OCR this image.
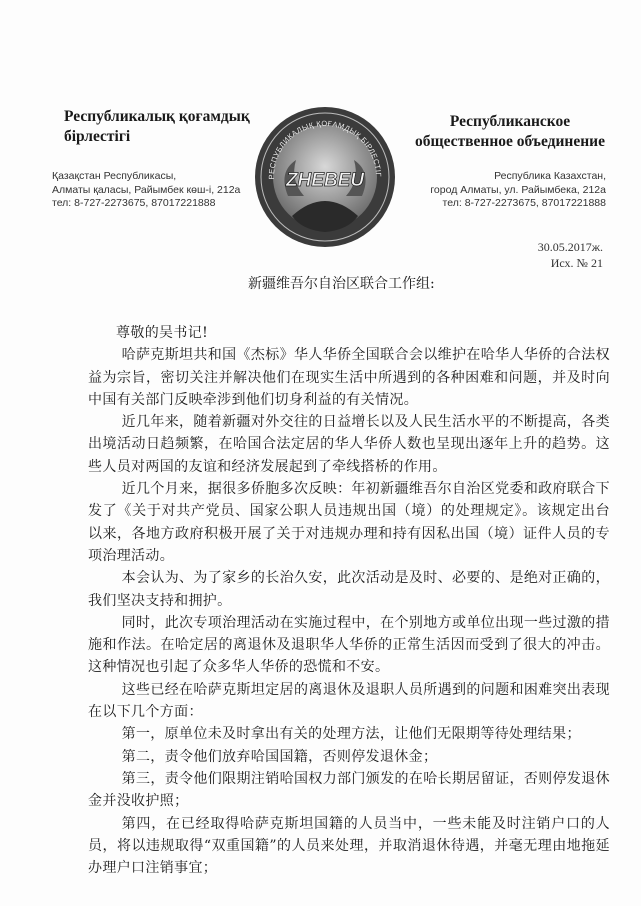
Республикалық қоғамдық бірлестігі
Қазақстан Республикасы,
Алматы қаласы, Райымбек көш-і, 212а
тел: 8-727-2273675, 87017221888
РЕСПУБЛИКАЛЫҚ ҚОҒАМДЫҚ БІРЛЕСТІГ
ZHEBEU
Республиканское общественное объединение
Республика Казахстан,
город Алматы, ул. Райымбека, 212а
тел: 8-727-2273675, 87017221888
30.05.2017ж.
Исх. № 21
新疆维吾尔自治区联合工作组:

尊敬的吴书记!

哈萨克斯坦共和国《杰标》华人华侨全国联合会以维护在哈华人华侨的合法权益为宗旨，密切关注并解决他们在现实生活中所遇到的各种困难和问题，并及时向中国有关部门反映牵涉到他们切身利益的有关情况。

近几年来，随着新疆对外交往的日益增长以及人民生活水平的不断提高，各类出境活动日趋频繁，在哈国合法定居的华人华侨人数也呈现出逐年上升的趋势。这些人员对两国的友谊和经济发展起到了牵线搭桥的作用。

近几个月来，据很多侨胞多次反映：年初新疆维吾尔自治区党委和政府联合下发了《关于对共产党员、国家公职人员违规出国（境）的处理规定》。该规定出台以来，各地方政府积极开展了关于对违规办理和持有因私出国（境）证件人员的专项治理活动。

本会认为、为了家乡的长治久安，此次活动是及时、必要的、是绝对正确的，我们坚决支持和拥护。

同时，此次专项治理活动在实施过程中，在个别地方或单位出现一些过激的措施和作法。在哈定居的离退休及退职华人华侨的正常生活因而受到了很大的冲击。这种情况也引起了众多华人华侨的恐慌和不安。

这些已经在哈萨克斯坦定居的离退休及退职人员所遇到的问题和困难突出表现在以下几个方面：

第一，原单位未及时拿出有关的处理方法，让他们无限期等待处理结果；

第二，责令他们放弃哈国国籍，否则停发退休金；

第三，责令他们限期注销哈国权力部门颁发的在哈长期居留证，否则停发退休金并没收护照；

第四，在已经取得哈萨克斯坦国籍的人员当中，一些未能及时注销户口的人员，将以违规取得“双重国籍”的人员来处理，并取消退休待遇，并毫无理由地拖延办理户口注销事宜；
